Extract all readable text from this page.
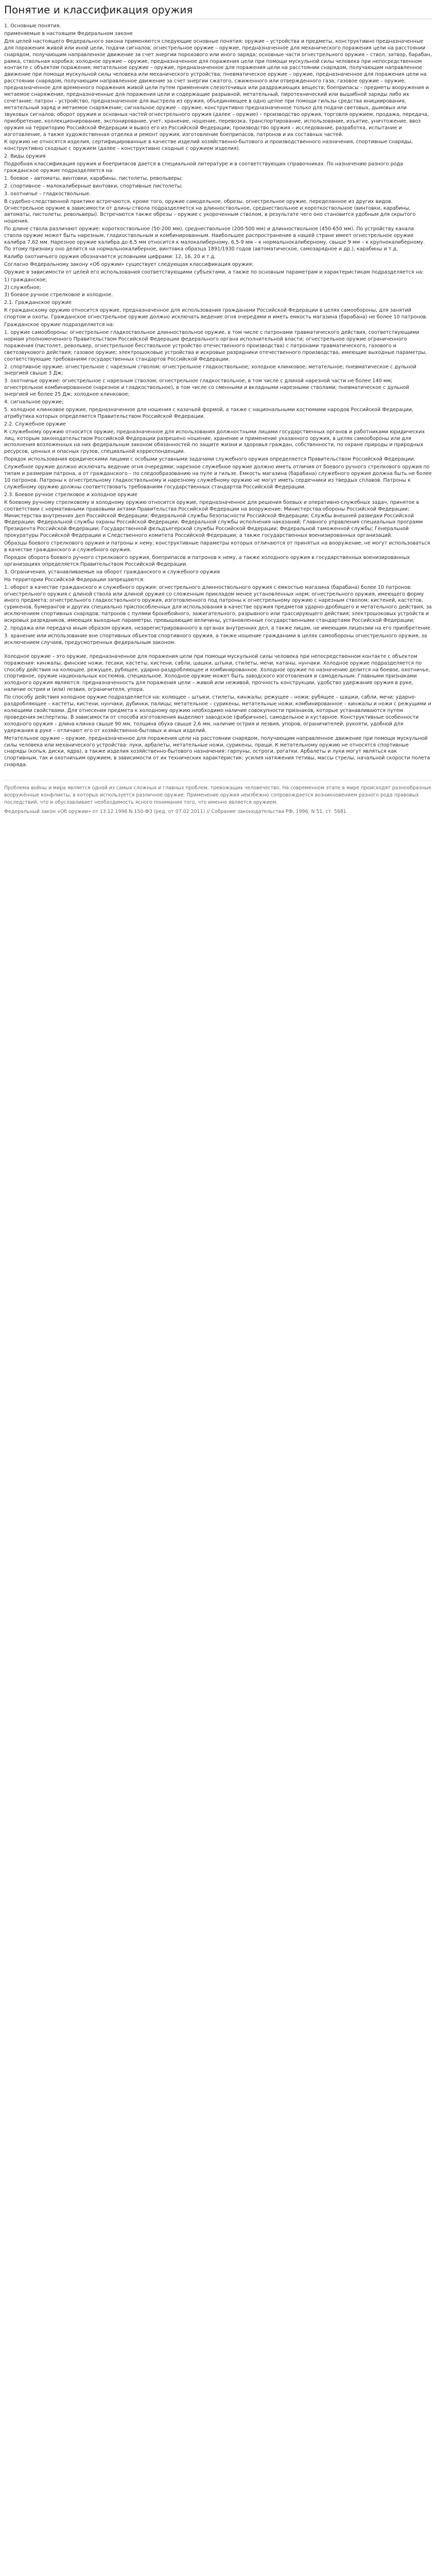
Понятие и классификация оружия

1. Основные понятия.

применяемые в настоящем Федеральном законе

Для целей настоящего Федерального закона применяются следующие основные понятия: оружие – устройства и предметы, конструктивно предназначенные для поражения живой или иной цели, подачи сигналов; огнестрельное оружие – оружие, предназначенное для механического поражения цели на расстоянии снарядом, получающим направленное движение за счет энергии порохового или иного заряда; основные части огнестрельного оружия – ствол, затвор, барабан, рамка, ствольная коробка; холодное оружие – оружие, предназначенное для поражения цели при помощи мускульной силы человека при непосредственном контакте с объектом поражения; метательное оружие – оружие, предназначенное для поражения цели на расстоянии снарядом, получающим направленное движение при помощи мускульной силы человека или механического устройства; пневматическое оружие – оружие, предназначенное для поражения цели на расстоянии снарядом, получающим направленное движение за счет энергии сжатого, сжиженного или отвержденного газа; газовое оружие – оружие, предназначенное для временного поражения живой цели путем применения слезоточивых или раздражающих веществ; боеприпасы – предметы вооружения и метаемое снаряжение, предназначенные для поражения цели и содержащие разрывной, метательный, пиротехнический или вышибной заряды либо их сочетание; патрон – устройство, предназначенное для выстрела из оружия, объединяющее в одно целое при помощи гильзы средства инициирования, метательный заряд и метаемое снаряжение; сигнальное оружие – оружие, конструктивно предназначенное только для подачи световых, дымовых или звуковых сигналов; оборот оружия и основных частей огнестрельного оружия (далее – оружие) – производство оружия, торговля оружием, продажа, передача, приобретение, коллекционирование, экспонирование, учет, хранение, ношение, перевозка, транспортирование, использование, изъятие, уничтожение, ввоз оружия на территорию Российской Федерации и вывоз его из Российской Федерации; производство оружия – исследование, разработка, испытание и изготовление, а также художественная отделка и ремонт оружия, изготовление боеприпасов, патронов и их составных частей.

К оружию не относятся изделия, сертифицированные в качестве изделий хозяйственно-бытового и производственного назначения, спортивные снаряды, конструктивно сходные с оружием (далее – конструктивно сходные с оружием изделия).

2. Виды оружия

Подробная классификация оружия и боеприпасов дается в специальной литературе и в соответствующих справочниках. По назначению разного рода гражданское оружие подразделяется на:

1. боевое – автоматы, винтовки, карабины, пистолеты, револьверы;

2. спортивное – малокалиберные винтовки, спортивные пистолеты;

3. охотничье – гладкоствольные.

В судебно-следственной практике встречаются, кроме того, оружие самодельное, обрезы, огнестрельное оружие, переделанное из других видов. Огнестрельное оружие в зависимости от длины ствола подразделяется на длинноствольное, среднествольное и короткоствольное (винтовки, карабины, автоматы, пистолеты, револьверы). Встречаются также обрезы – оружие с укороченным стволом, в результате чего оно становится удобным для скрытого ношения.

По длине ствола различают оружие: короткоствольное (50-200 мм), среднествольное (200-500 мм) и длинноствольное (450-650 мм). По устройству канала ствола оружие может быть нарезным, гладкоствольным и комбинированным. Наибольшее распространение в нашей стране имеет огнестрельное оружие калибра 7,62 мм. Нарезное оружие калибра до 6,5 мм относится к малокалиберному, 6,5-9 мм – к нормальнокалиберному, свыше 9 мм – к крупнокалиберному. По этому признаку оно делится на нормальнокалиберное, винтовка образца 1891/1930 годов (автоматическое, самозарядное и др.), карабины и т.д.

Калибр охотничьего оружия обозначается условными цифрами: 12, 16, 20 и т.д.

Согласно Федеральному закону «Об оружии» существует следующая классификация оружия:

Оружие в зависимости от целей его использования соответствующими субъектами, а также по основным параметрам и характеристикам подразделяется на:

1) гражданское;

2) служебное;

3) боевое ручное стрелковое и холодное.

2.1. Гражданское оружие

К гражданскому оружию относится оружие, предназначенное для использования гражданами Российской Федерации в целях самообороны, для занятий спортом и охоты. Гражданское огнестрельное оружие должно исключать ведение огня очередями и иметь емкость магазина (барабана) не более 10 патронов.

Гражданское оружие подразделяется на:

1. оружие самообороны: огнестрельное гладкоствольное длинноствольное оружие, в том числе с патронами травматического действия, соответствующими нормам уполномоченного Правительством Российской Федерации федерального органа исполнительной власти; огнестрельное оружие ограниченного поражения (пистолет, револьвер, огнестрельное бесствольное устройство отечественного производства) с патронами травматического, газового и светозвукового действия; газовое оружие; электрошоковые устройства и искровые разрядники отечественного производства, имеющие выходные параметры, соответствующие требованиям государственных стандартов Российской Федерации.

2. спортивное оружие: огнестрельное с нарезным стволом; огнестрельное гладкоствольное; холодное клинковое; метательное; пневматическое с дульной энергией свыше 3 Дж;

3. охотничье оружие: огнестрельное с нарезным стволом; огнестрельное гладкоствольное, в том числе с длиной нарезной части не более 140 мм; огнестрельное комбинированное (нарезное и гладкоствольное), в том числе со сменными и вкладными нарезными стволами; пневматическое с дульной энергией не более 25 Дж; холодное клинковое;

4. сигнальное оружие;

5. холодное клинковое оружие, предназначенное для ношения с казачьей формой, а также с национальными костюмами народов Российской Федерации, атрибутика которых определяется Правительством Российской Федерации.

2.2. Служебное оружие

К служебному оружию относится оружие, предназначенное для использования должностными лицами государственных органов и работниками юридических лиц, которым законодательством Российской Федерации разрешено ношение, хранение и применение указанного оружия, в целях самообороны или для исполнения возложенных на них федеральным законом обязанностей по защите жизни и здоровья граждан, собственности, по охране природы и природных ресурсов, ценных и опасных грузов, специальной корреспонденции.

Порядок использования юридическими лицами с особыми уставными задачами служебного оружия определяется Правительством Российской Федерации.

Служебное оружие должно исключать ведение огня очередями; нарезное служебное оружие должно иметь отличия от боевого ручного стрелкового оружия по типам и размерам патрона, а от гражданского – по следообразованию на пуле и гильзе. Емкость магазина (барабана) служебного оружия должна быть не более 10 патронов. Патроны к огнестрельному гладкоствольному и нарезному служебному оружию не могут иметь сердечники из твердых сплавов. Патроны к служебному оружию должны соответствовать требованиям государственных стандартов Российской Федерации.

2.3. Боевое ручное стрелковое и холодное оружие

К боевому ручному стрелковому и холодному оружию относится оружие, предназначенное для решения боевых и оперативно-служебных задач, принятое в соответствии с нормативными правовыми актами Правительства Российской Федерации на вооружение: Министерства обороны Российской Федерации; Министерства внутренних дел Российской Федерации; Федеральной службы безопасности Российской Федерации; Службы внешней разведки Российской Федерации; Федеральной службы охраны Российской Федерации; Федеральной службы исполнения наказаний; Главного управления специальных программ Президента Российской Федерации; Государственной фельдъегерской службы Российской Федерации; Федеральной таможенной службы; Генеральной прокуратуры Российской Федерации и Следственного комитета Российской Федерации; а также государственных военизированных организаций.

Образцы боевого стрелкового оружия и патроны к нему, конструктивные параметры которых отличаются от принятых на вооружение, не могут использоваться в качестве гражданского и служебного оружия.

Порядок оборота боевого ручного стрелкового оружия, боеприпасов и патронов к нему, а также холодного оружия в государственных военизированных организациях определяется Правительством Российской Федерации.

3. Ограничения, устанавливаемые на оборот гражданского и служебного оружия

На территории Российской Федерации запрещаются:

1. оборот в качестве гражданского и служебного оружия: огнестрельного длинноствольного оружия с емкостью магазина (барабана) более 10 патронов; огнестрельного оружия с длиной ствола или длиной оружия со сложенным прикладом менее установленных норм; огнестрельного оружия, имеющего форму иного предмета; огнестрельного гладкоствольного оружия, изготовленного под патроны к огнестрельному оружию с нарезным стволом; кистеней, кастетов, сурикенов, бумерангов и других специально приспособленных для использования в качестве оружия предметов ударно-дробящего и метательного действия, за исключением спортивных снарядов; патронов с пулями бронебойного, зажигательного, разрывного или трассирующего действия; электрошоковых устройств и искровых разрядников, имеющих выходные параметры, превышающие величины, установленные государственными стандартами Российской Федерации;

2. продажа или передача иным образом оружия, незарегистрированного в органах внутренних дел, а также лицам, не имеющим лицензии на его приобретение.

3. хранение или использование вне спортивных объектов спортивного оружия, а также ношение гражданами в целях самообороны огнестрельного оружия, за исключением случаев, предусмотренных федеральным законом.

Холодное оружие – это оружие, предназначенное для поражения цели при помощи мускульной силы человека при непосредственном контакте с объектом поражения: кинжалы, финские ножи, тесаки, кастеты, кистени, сабли, шашки, штыки, стилеты, мечи, катаны, нунчаки. Холодное оружие подразделяется по способу действия на колющее, режущее, рубящее, ударно-раздробляющее и комбинированное. Холодное оружие по назначению делится на боевое, охотничье, спортивное, оружие национальных костюмов, специальное. Холодное оружие может быть заводского изготовления и самодельным. Главными признаками холодного оружия являются: предназначенность для поражения цели – живой или неживой, прочность конструкции, удобство удержания оружия в руке, наличие острия и (или) лезвия, ограничителя, упора.

По способу действия холодное оружие подразделяется на: колющее – штыки, стилеты, кинжалы; режущее – ножи; рубящее – шашки, сабли, мечи; ударно-раздробляющее – кастеты, кистени, нунчаки, дубинки, палицы; метательное – сурикены, метательные ножи; комбинированное – кинжалы и ножи с режущими и колющими свойствами. Для отнесения предмета к холодному оружию необходимо наличие совокупности признаков, которые устанавливаются путем проведения экспертизы. В зависимости от способа изготовления выделяют заводское (фабричное), самодельное и кустарное. Конструктивные особенности холодного оружия – длина клинка свыше 90 мм, толщина обуха свыше 2,6 мм, наличие острия и лезвия, упоров, ограничителей, рукояти, удобной для удержания в руке – отличают его от хозяйственно-бытовых и иных изделий.

Метательное оружие – оружие, предназначенное для поражения цели на расстоянии снарядом, получающим направленное движение при помощи мускульной силы человека или механического устройства: луки, арбалеты, метательные ножи, сурикены, пращи. К метательному оружию не относятся спортивные снаряды (копья, диски, ядра), а также изделия хозяйственно-бытового назначения: гарпуны, остроги, рогатки. Арбалеты и луки могут являться как спортивным, так и охотничьим оружием, в зависимости от их технических характеристик: усилия натяжения тетивы, массы стрелы, начальной скорости полета снаряда.

Проблема войны и мира является одной из самых сложных и главных проблем, тревожащих человечество. На современном этапе в мире происходят разнообразные вооружённые конфликты, в которых используется различное оружие. Применение оружия неизбежно сопровождается возникновением разного рода правовых последствий, что и обуславливает необходимость ясного понимания того, что именно является оружием.

Федеральный закон «Об оружии» от 13.12.1996 N 150-ФЗ (ред. от 07.02.2011) // Собрание законодательства РФ, 1996, N 51, ст. 5681.
